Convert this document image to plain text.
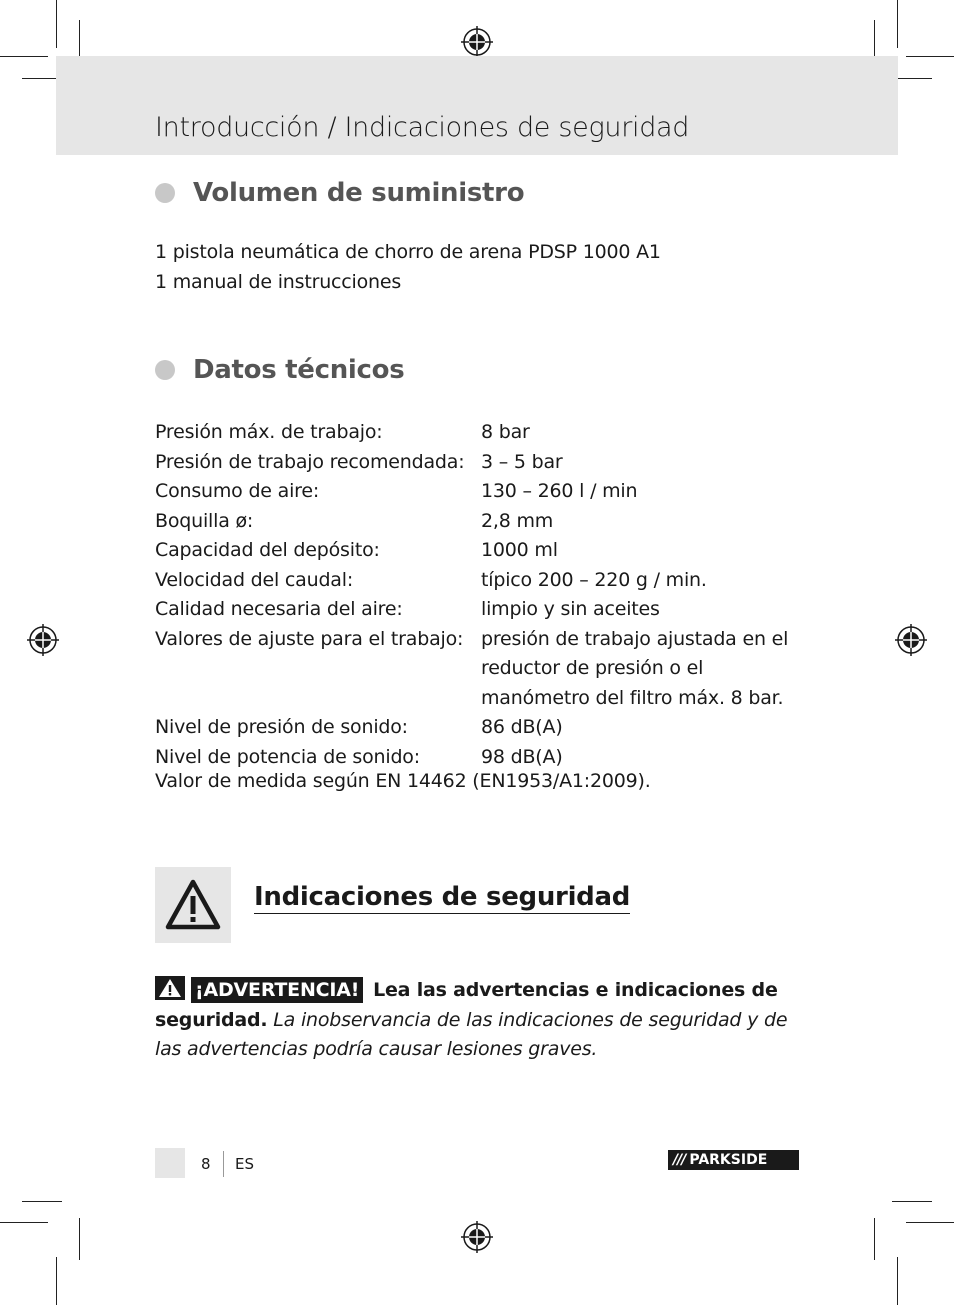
Introducción / Indicaciones de seguridad
Volumen de suministro
1 pistola neumática de chorro de arena PDSP 1000 A1
1 manual de instrucciones
Datos técnicos
Presión máx. de trabajo:	8 bar
Presión de trabajo recomendada:	3 – 5 bar
Consumo de aire:	130 – 260 l / min
Boquilla ø:	2,8 mm
Capacidad del depósito:	1000 ml
Velocidad del caudal:	típico 200 – 220 g / min.
Calidad necesaria del aire:	limpio y sin aceites
Valores de ajuste para el trabajo:	presión de trabajo ajustada en el reductor de presión o el manómetro del filtro máx. 8 bar.
Nivel de presión de sonido:	86 dB(A)
Nivel de potencia de sonido:	98 dB(A)
Valor de medida según EN 14462 (EN1953/A1:2009).
Indicaciones de seguridad
¡ADVERTENCIA! Lea las advertencias e indicaciones de seguridad. La inobservancia de las indicaciones de seguridad y de las advertencias podría causar lesiones graves.
8 ES	/// PARKSIDE
